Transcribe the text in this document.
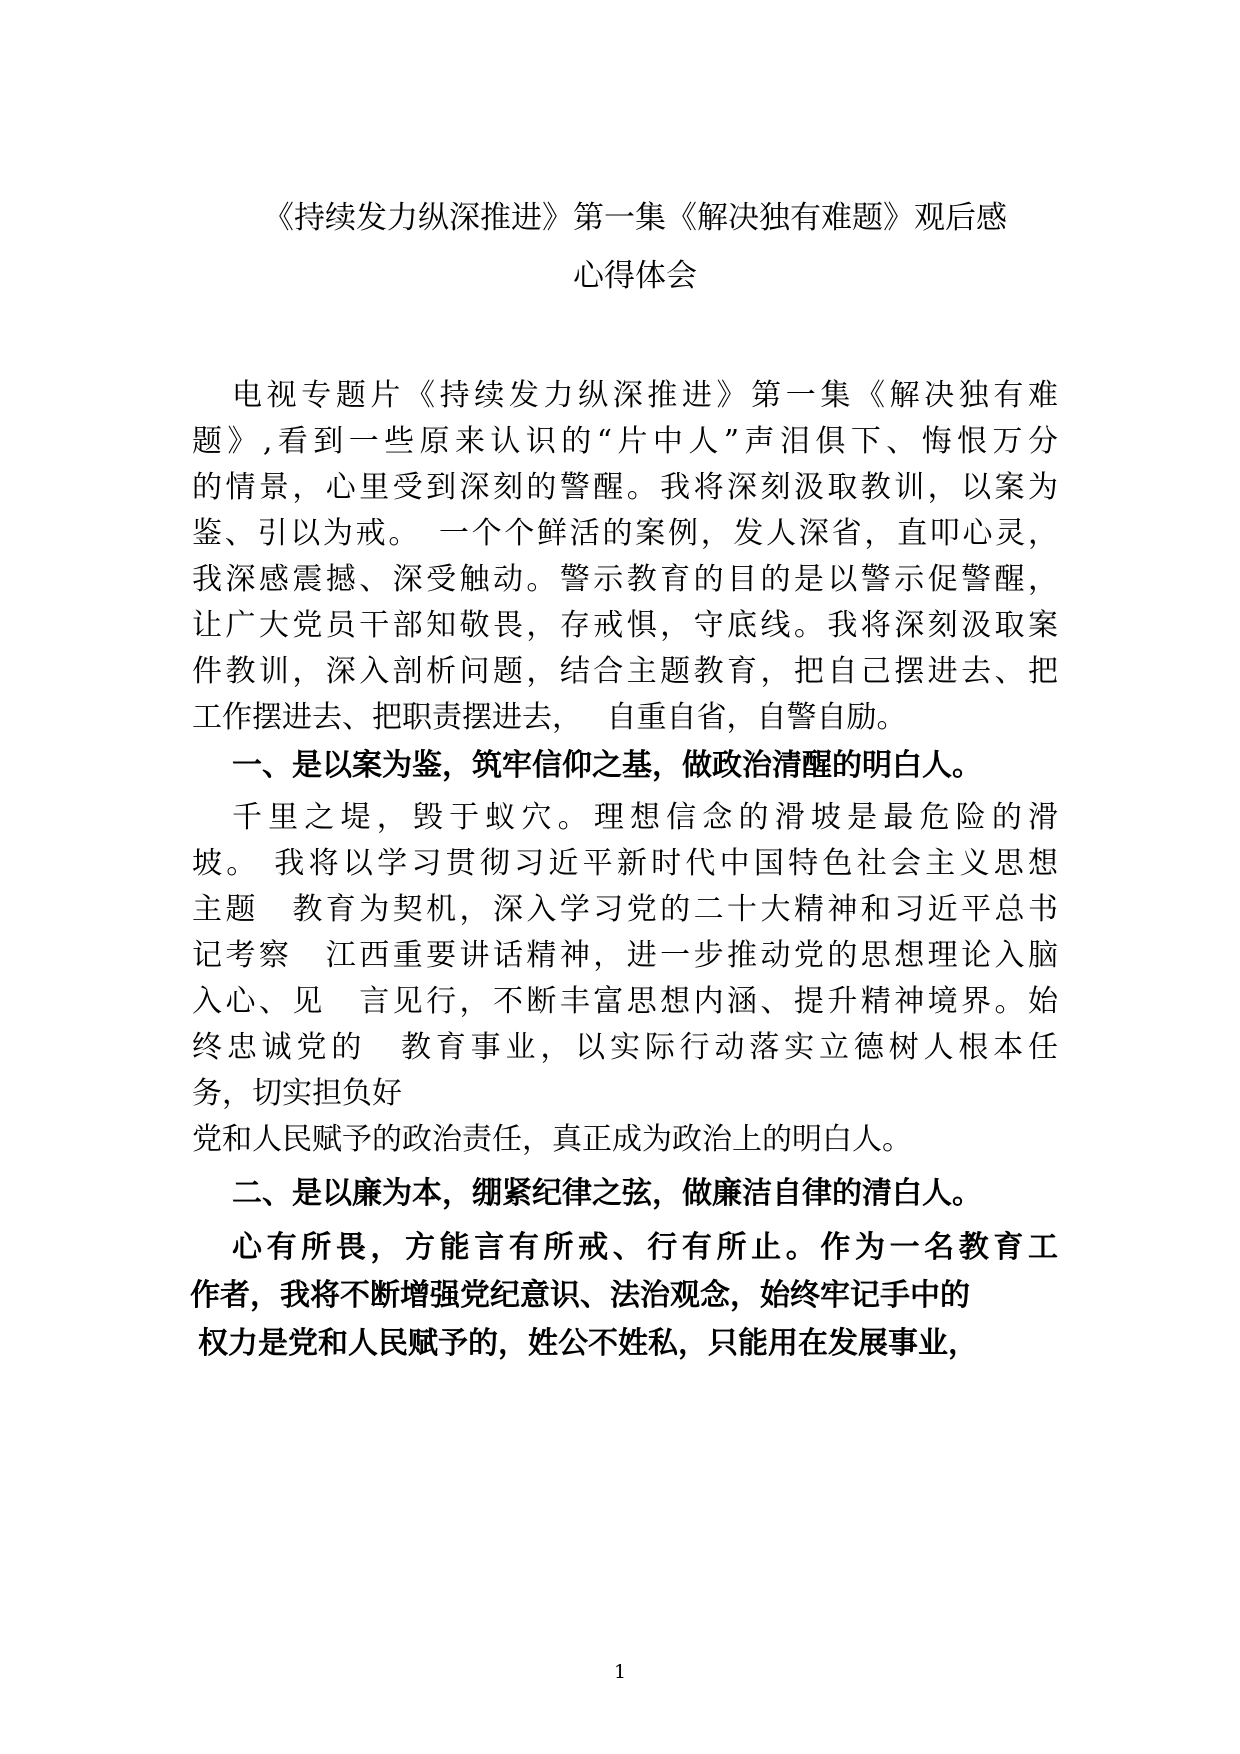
《持续发力纵深推进》第一集《解决独有难题》观后感
心得体会
电视专题片《持续发力纵深推进》第一集《解决独有难
题》,看到一些原来认识的“片中人”声泪俱下、悔恨万分
的情景，心里受到深刻的警醒。我将深刻汲取教训，以案为
鉴、引以为戒。　一个个鲜活的案例，发人深省，直叩心灵，
我深感震撼、深受触动。警示教育的目的是以警示促警醒，
让广大党员干部知敬畏，存戒惧，守底线。我将深刻汲取案
件教训，深入剖析问题，结合主题教育，把自己摆进去、把
工作摆进去、把职责摆进去，　 自重自省，自警自励。
一、是以案为鉴，筑牢信仰之基，做政治清醒的明白人。
千里之堤，毁于蚁穴。理想信念的滑坡是最危险的滑
坡。 我将以学习贯彻习近平新时代中国特色社会主义思想
主题　教育为契机，深入学习党的二十大精神和习近平总书
记考察　江西重要讲话精神，进一步推动党的思想理论入脑
入心、见　言见行，不断丰富思想内涵、提升精神境界。始
终忠诚党的　教育事业，以实际行动落实立德树人根本任
务，切实担负好
党和人民赋予的政治责任，真正成为政治上的明白人。
二、是以廉为本，绷紧纪律之弦，做廉洁自律的清白人。
心有所畏，方能言有所戒、行有所止。作为一名教育工
作者，我将不断增强党纪意识、法治观念，始终牢记手中的
权力是党和人民赋予的，姓公不姓私，只能用在发展事业，
1
